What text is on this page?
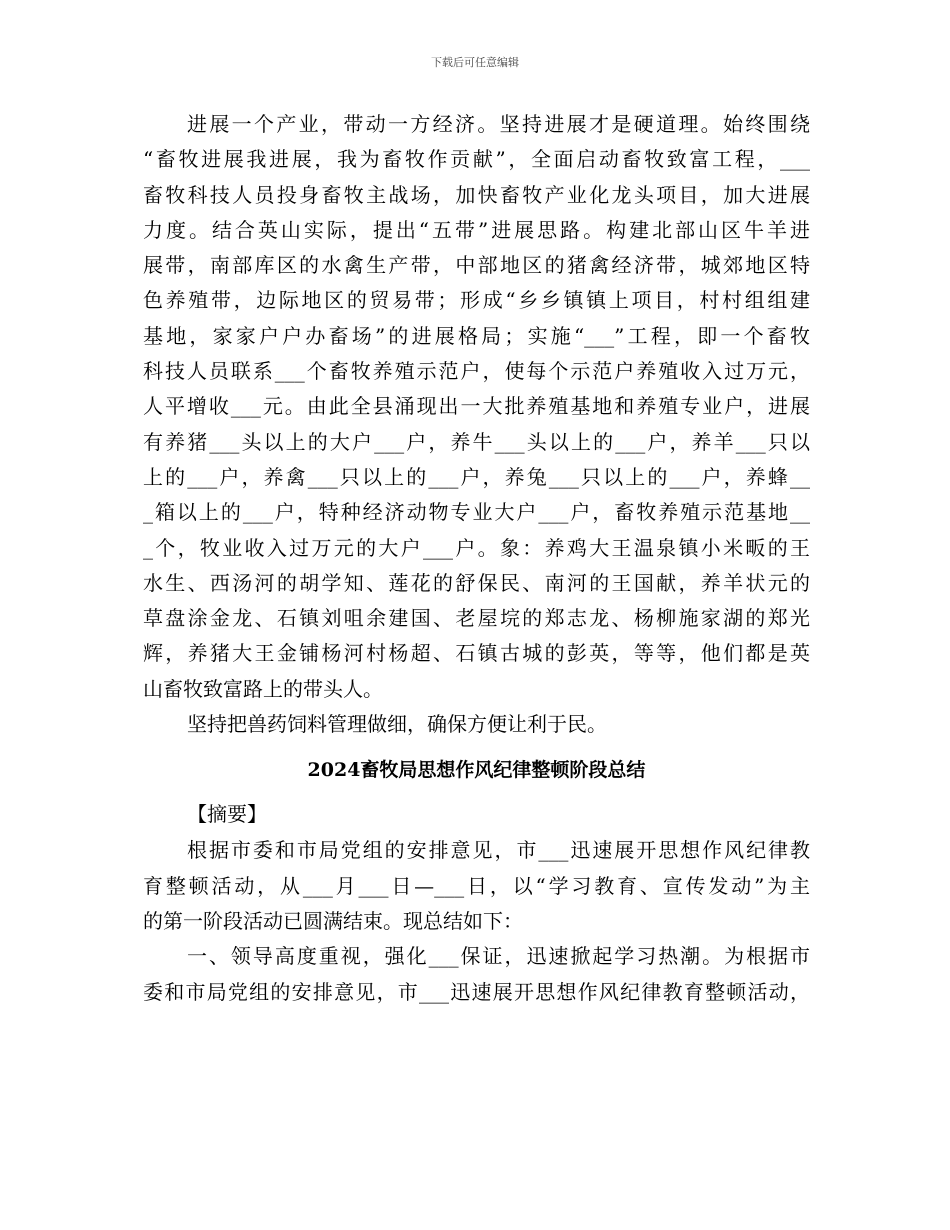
下载后可任意编辑
进展一个产业，带动一方经济。坚持进展才是硬道理。始终围绕
“畜牧进展我进展，我为畜牧作贡献”，全面启动畜牧致富工程，___
畜牧科技人员投身畜牧主战场，加快畜牧产业化龙头项目，加大进展
力度。结合英山实际，提出“五带”进展思路。构建北部山区牛羊进
展带，南部库区的水禽生产带，中部地区的猪禽经济带，城郊地区特
色养殖带，边际地区的贸易带；形成“乡乡镇镇上项目，村村组组建
基地，家家户户办畜场”的进展格局；实施“___”工程，即一个畜牧
科技人员联系___个畜牧养殖示范户，使每个示范户养殖收入过万元，
人平增收___元。由此全县涌现出一大批养殖基地和养殖专业户，进展
有养猪___头以上的大户___户，养牛___头以上的___户，养羊___只以
上的___户，养禽___只以上的___户，养兔___只以上的___户，养蜂__
_箱以上的___户，特种经济动物专业大户___户，畜牧养殖示范基地__
_个，牧业收入过万元的大户___户。象：养鸡大王温泉镇小米畈的王
水生、西汤河的胡学知、莲花的舒保民、南河的王国献，养羊状元的
草盘涂金龙、石镇刘咀余建国、老屋垸的郑志龙、杨柳施家湖的郑光
辉，养猪大王金铺杨河村杨超、石镇古城的彭英，等等，他们都是英
山畜牧致富路上的带头人。
坚持把兽药饲料管理做细，确保方便让利于民。
2024畜牧局思想作风纪律整顿阶段总结
【摘要】
根据市委和市局党组的安排意见，市___迅速展开思想作风纪律教
育整顿活动，从___月___日—___日，以“学习教育、宣传发动”为主
的第一阶段活动已圆满结束。现总结如下：
一、领导高度重视，强化___保证，迅速掀起学习热潮。为根据市
委和市局党组的安排意见，市___迅速展开思想作风纪律教育整顿活动，
